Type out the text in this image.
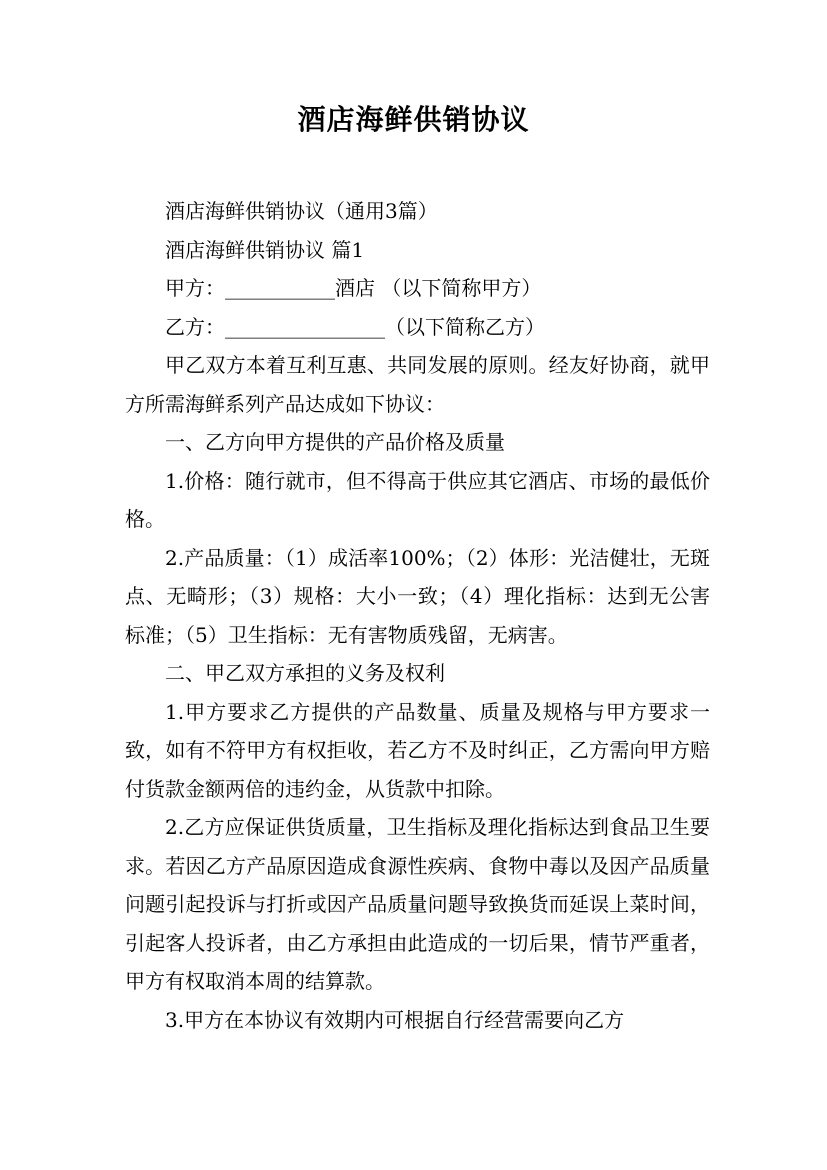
酒店海鲜供销协议

酒店海鲜供销协议（通用3篇）

酒店海鲜供销协议 篇1

甲方：___________酒店 （以下简称甲方）

乙方：________________（以下简称乙方）

甲乙双方本着互利互惠、共同发展的原则。经友好协商，就甲方所需海鲜系列产品达成如下协议：

一、乙方向甲方提供的产品价格及质量

1.价格：随行就市，但不得高于供应其它酒店、市场的最低价格。

2.产品质量：（1）成活率100%；（2）体形：光洁健壮，无斑点、无畸形；（3）规格：大小一致；（4）理化指标：达到无公害标准；（5）卫生指标：无有害物质残留，无病害。

二、甲乙双方承担的义务及权利

1.甲方要求乙方提供的产品数量、质量及规格与甲方要求一致，如有不符甲方有权拒收，若乙方不及时纠正，乙方需向甲方赔付货款金额两倍的违约金，从货款中扣除。

2.乙方应保证供货质量，卫生指标及理化指标达到食品卫生要求。若因乙方产品原因造成食源性疾病、食物中毒以及因产品质量问题引起投诉与打折或因产品质量问题导致换货而延误上菜时间，引起客人投诉者，由乙方承担由此造成的一切后果，情节严重者，甲方有权取消本周的结算款。

3.甲方在本协议有效期内可根据自行经营需要向乙方
